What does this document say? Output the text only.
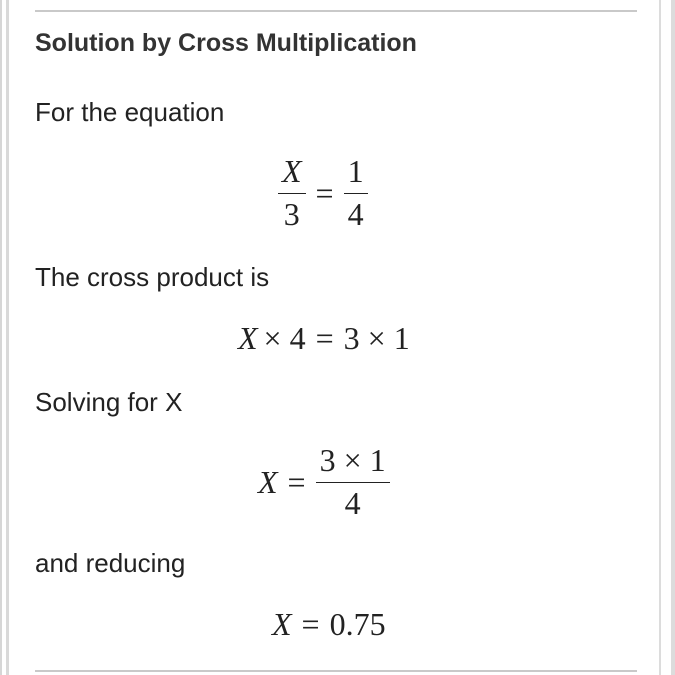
Solution by Cross Multiplication
For the equation
$\frac{X}{3} = \frac{1}{4}$
The cross product is
X × 4 = 3 × 1
Solving for X
$X = \frac{3 \times 1}{4}$
and reducing
X = 0.75
